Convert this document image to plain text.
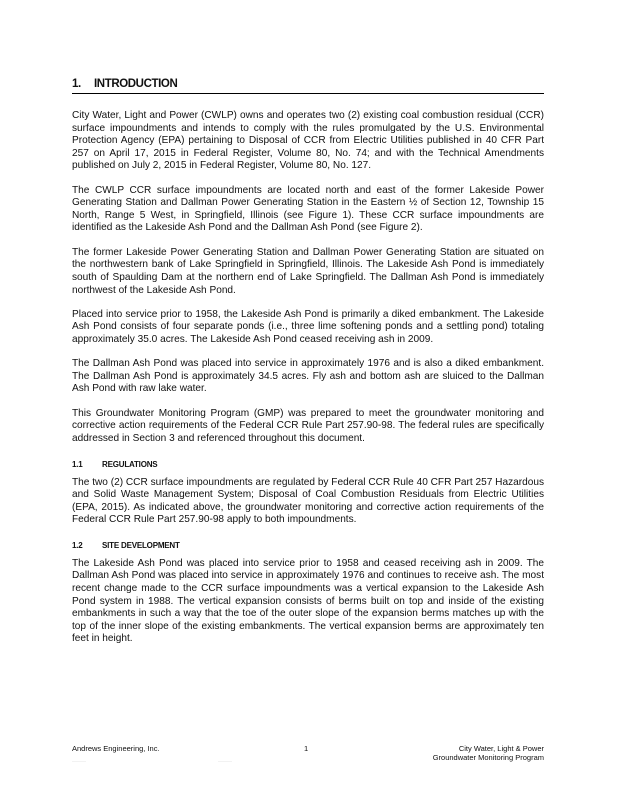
1.	INTRODUCTION

City Water, Light and Power (CWLP) owns and operates two (2) existing coal combustion residual (CCR) surface impoundments and intends to comply with the rules promulgated by the U.S. Environmental Protection Agency (EPA) pertaining to Disposal of CCR from Electric Utilities published in 40 CFR Part 257 on April 17, 2015 in Federal Register, Volume 80, No. 74; and with the Technical Amendments published on July 2, 2015 in Federal Register, Volume 80, No. 127.

The CWLP CCR surface impoundments are located north and east of the former Lakeside Power Generating Station and Dallman Power Generating Station in the Eastern ½ of Section 12, Township 15 North, Range 5 West, in Springfield, Illinois (see Figure 1). These CCR surface impoundments are identified as the Lakeside Ash Pond and the Dallman Ash Pond (see Figure 2).

The former Lakeside Power Generating Station and Dallman Power Generating Station are situated on the northwestern bank of Lake Springfield in Springfield, Illinois. The Lakeside Ash Pond is immediately south of Spaulding Dam at the northern end of Lake Springfield. The Dallman Ash Pond is immediately northwest of the Lakeside Ash Pond.

Placed into service prior to 1958, the Lakeside Ash Pond is primarily a diked embankment. The Lakeside Ash Pond consists of four separate ponds (i.e., three lime softening ponds and a settling pond) totaling approximately 35.0 acres. The Lakeside Ash Pond ceased receiving ash in 2009.

The Dallman Ash Pond was placed into service in approximately 1976 and is also a diked embankment. The Dallman Ash Pond is approximately 34.5 acres. Fly ash and bottom ash are sluiced to the Dallman Ash Pond with raw lake water.

This Groundwater Monitoring Program (GMP) was prepared to meet the groundwater monitoring and corrective action requirements of the Federal CCR Rule Part 257.90-98. The federal rules are specifically addressed in Section 3 and referenced throughout this document.

1.1	REGULATIONS

The two (2) CCR surface impoundments are regulated by Federal CCR Rule 40 CFR Part 257 Hazardous and Solid Waste Management System; Disposal of Coal Combustion Residuals from Electric Utilities (EPA, 2015). As indicated above, the groundwater monitoring and corrective action requirements of the Federal CCR Rule Part 257.90-98 apply to both impoundments.

1.2	SITE DEVELOPMENT

The Lakeside Ash Pond was placed into service prior to 1958 and ceased receiving ash in 2009. The Dallman Ash Pond was placed into service in approximately 1976 and continues to receive ash. The most recent change made to the CCR surface impoundments was a vertical expansion to the Lakeside Ash Pond system in 1988. The vertical expansion consists of berms built on top and inside of the existing embankments in such a way that the toe of the outer slope of the expansion berms matches up with the top of the inner slope of the existing embankments. The vertical expansion berms are approximately ten feet in height.

Andrews Engineering, Inc.	1	City Water, Light & Power
Groundwater Monitoring Program
··············	··············
